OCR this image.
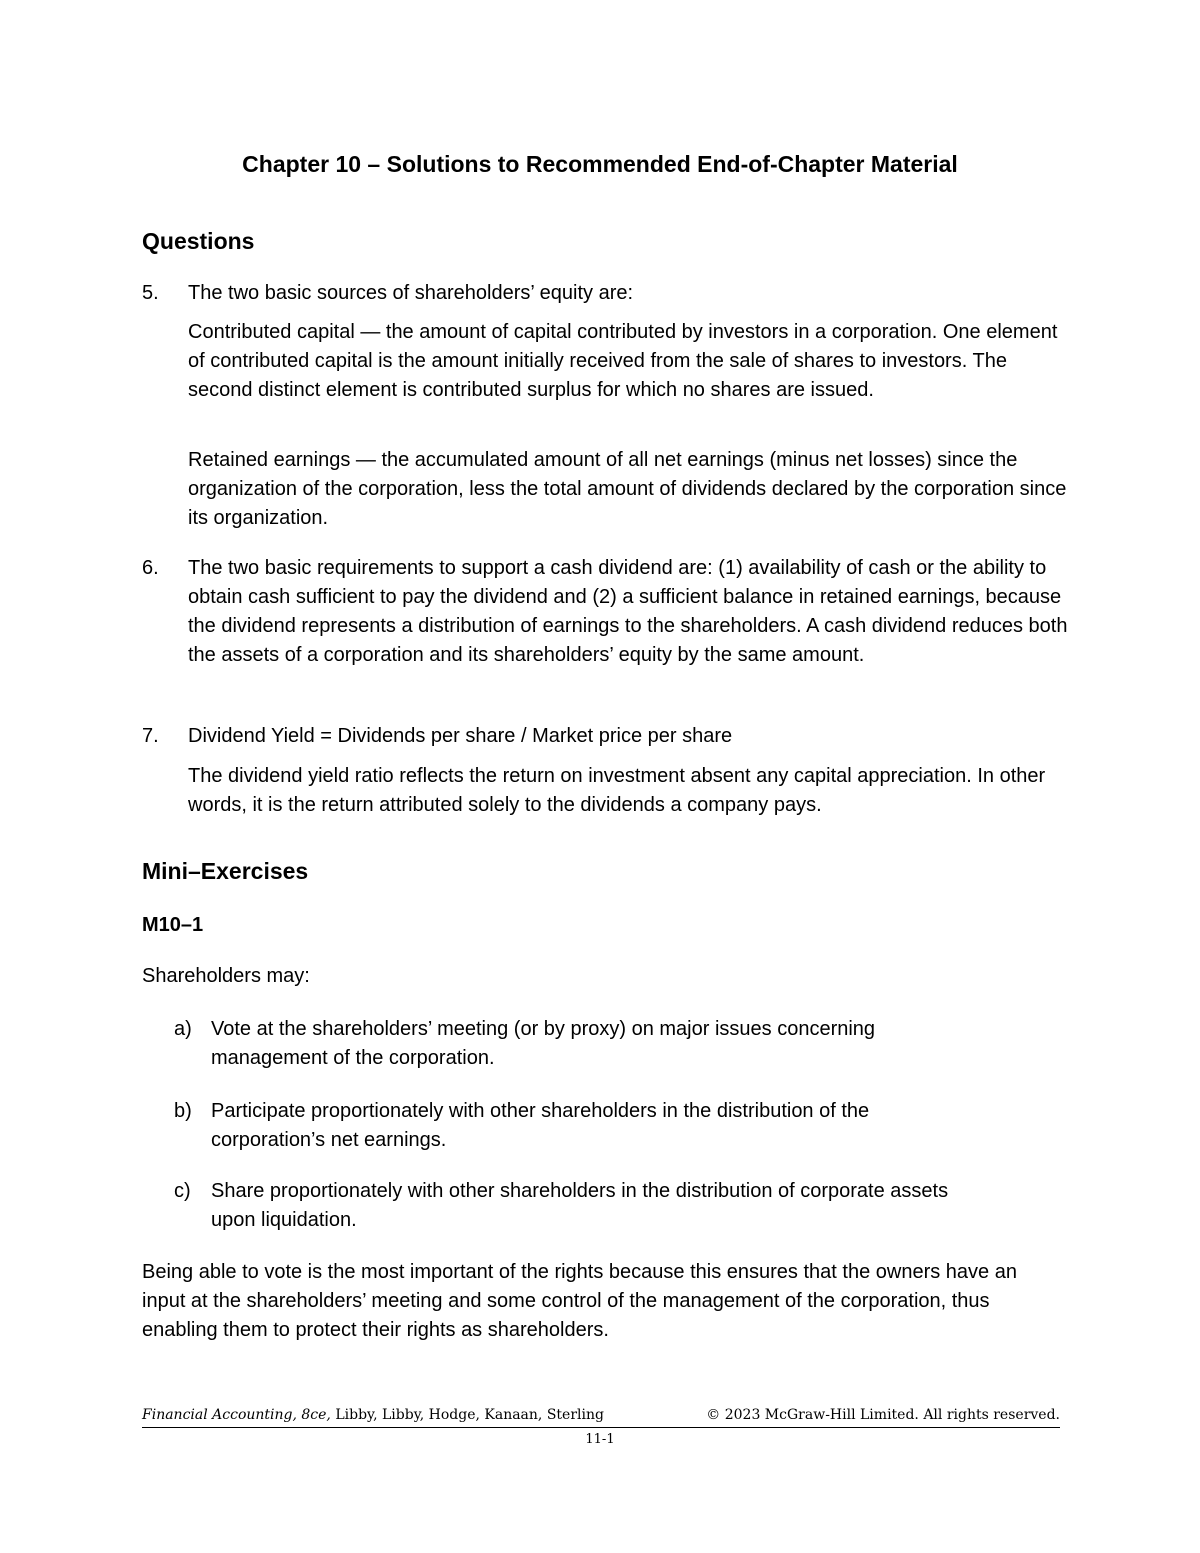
Chapter 10 – Solutions to Recommended End-of-Chapter Material
Questions
5. The two basic sources of shareholders’ equity are:
Contributed capital — the amount of capital contributed by investors in a corporation. One element of contributed capital is the amount initially received from the sale of shares to investors. The second distinct element is contributed surplus for which no shares are issued.
Retained earnings — the accumulated amount of all net earnings (minus net losses) since the organization of the corporation, less the total amount of dividends declared by the corporation since its organization.
6. The two basic requirements to support a cash dividend are: (1) availability of cash or the ability to obtain cash sufficient to pay the dividend and (2) a sufficient balance in retained earnings, because the dividend represents a distribution of earnings to the shareholders. A cash dividend reduces both the assets of a corporation and its shareholders’ equity by the same amount.
7. Dividend Yield = Dividends per share / Market price per share
The dividend yield ratio reflects the return on investment absent any capital appreciation. In other words, it is the return attributed solely to the dividends a company pays.
Mini–Exercises
M10–1
Shareholders may:
a) Vote at the shareholders’ meeting (or by proxy) on major issues concerning management of the corporation.
b) Participate proportionately with other shareholders in the distribution of the corporation’s net earnings.
c) Share proportionately with other shareholders in the distribution of corporate assets upon liquidation.
Being able to vote is the most important of the rights because this ensures that the owners have an input at the shareholders’ meeting and some control of the management of the corporation, thus enabling them to protect their rights as shareholders.
Financial Accounting, 8ce, Libby, Libby, Hodge, Kanaan, Sterling	© 2023 McGraw-Hill Limited. All rights reserved.
11-1
